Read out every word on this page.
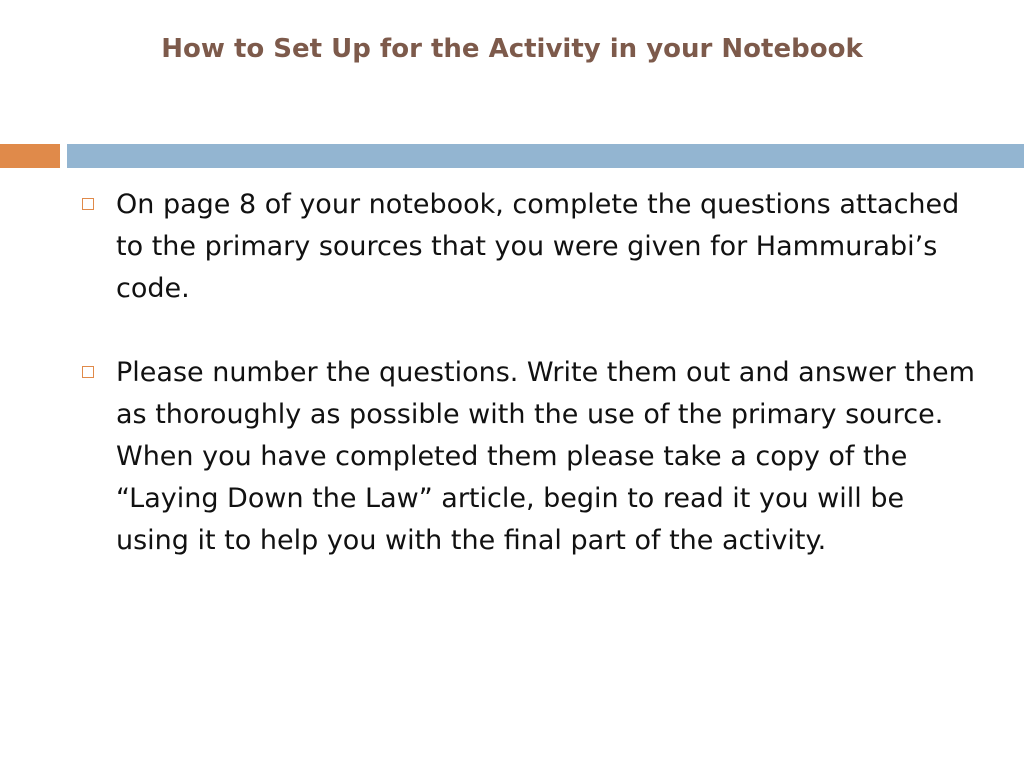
How to Set Up for the Activity in your Notebook
On page 8 of your notebook, complete the questions attached to the primary sources that you were given for Hammurabi’s code.
Please number the questions. Write them out and answer them as thoroughly as possible with the use of the primary source. When you have completed them please take a copy of the “Laying Down the Law” article, begin to read it you will be using it to help you with the final part of the activity.
